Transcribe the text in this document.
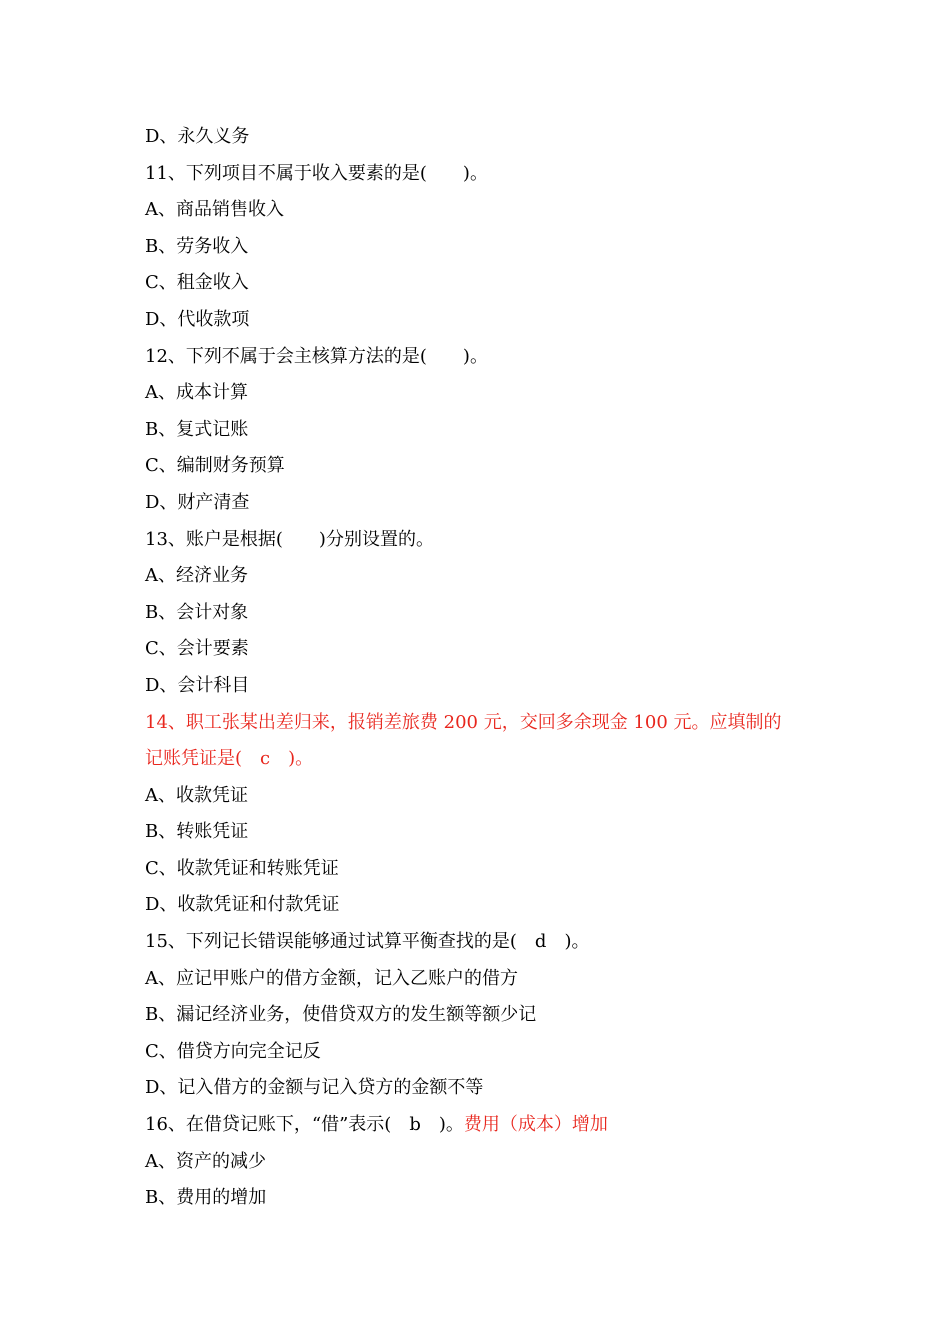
D、永久义务
11、下列项目不属于收入要素的是(　　)。
A、商品销售收入
B、劳务收入
C、租金收入
D、代收款项
12、下列不属于会主核算方法的是(　　)。
A、成本计算
B、复式记账
C、编制财务预算
D、财产清查
13、账户是根据(　　)分别设置的。
A、经济业务
B、会计对象
C、会计要素
D、会计科目
14、职工张某出差归来，报销差旅费 200 元，交回多余现金 100 元。应填制的
记账凭证是(　c　)。
A、收款凭证
B、转账凭证
C、收款凭证和转账凭证
D、收款凭证和付款凭证
15、下列记长错误能够通过试算平衡查找的是(　d　)。
A、应记甲账户的借方金额，记入乙账户的借方
B、漏记经济业务，使借贷双方的发生额等额少记
C、借贷方向完全记反
D、记入借方的金额与记入贷方的金额不等
16、在借贷记账下，“借”表示(　b　)。费用（成本）增加
A、资产的减少
B、费用的增加
